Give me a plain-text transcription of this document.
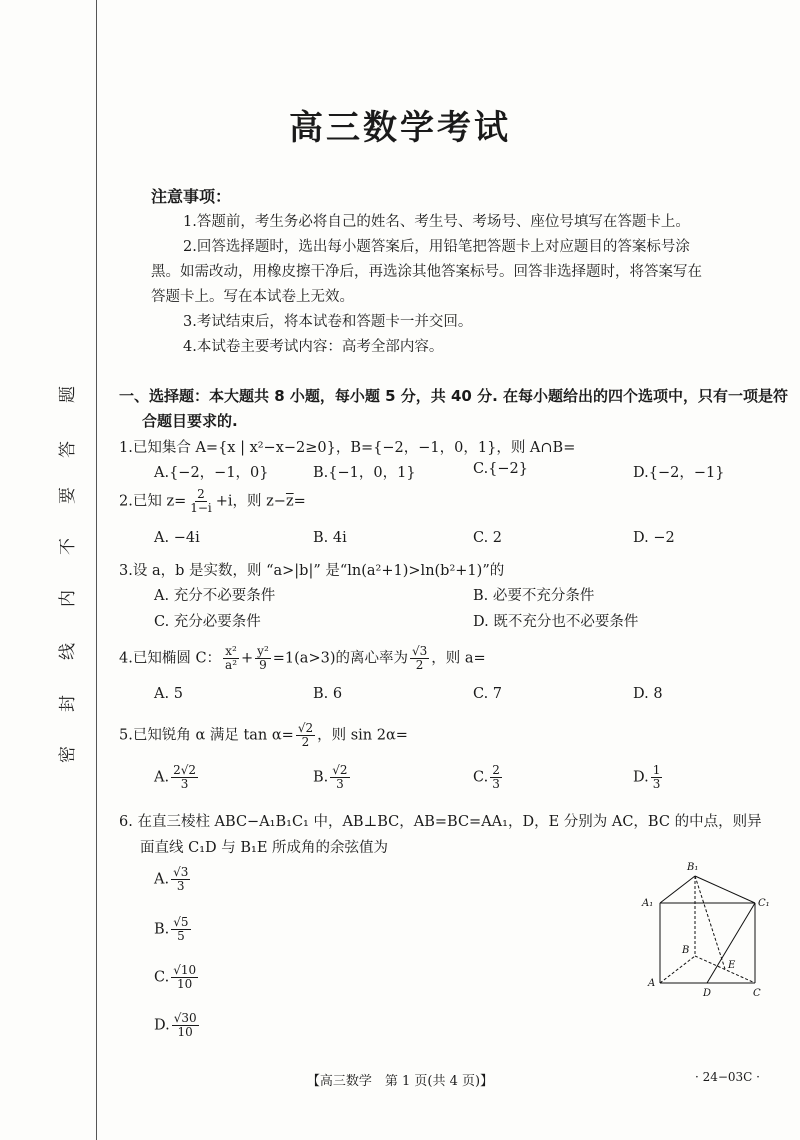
题
答
要
不
内
线
封
密
高三数学考试
注意事项：
1.答题前，考生务必将自己的姓名、考生号、考场号、座位号填写在答题卡上。
2.回答选择题时，选出每小题答案后，用铅笔把答题卡上对应题目的答案标号涂
黑。如需改动，用橡皮擦干净后，再选涂其他答案标号。回答非选择题时，将答案写在
答题卡上。写在本试卷上无效。
3.考试结束后，将本试卷和答题卡一并交回。
4.本试卷主要考试内容：高考全部内容。
一、选择题：本大题共 8 小题，每小题 5 分，共 40 分. 在每小题给出的四个选项中，只有一项是符
合题目要求的.
1.已知集合 A={x | x²−x−2≥0}，B={−2，−1，0，1}，则 A∩B=
A.{−2，−1，0}	B.{−1，0，1}	C.{−2}	D.{−2，−1}
2.已知 $z= \frac{2}{1-i} +i$，则 $z-\overline{z}=$
A. −4i	B. 4i	C. 2	D. −2
3.设 a，b 是实数，则 “a>|b|” 是“ln(a²+1)>ln(b²+1)”的
A. 充分不必要条件	B. 必要不充分条件
C. 充分必要条件	D. 既不充分也不必要条件
4.已知椭圆 C： $\frac{\text{x²}}{\text{a²}} + \frac{\text{y²}}{9} =1(a>3)$的离心率为 $\frac{√3}{2}$ ，则 a=
A. 5	B. 6	C. 7	D. 8
5.已知锐角 α 满足 $\tan \alpha= \frac{√2}{2}$ ，则 sin 2α=
A. $\frac{2√2}{3}$	B. $\frac{√2}{3}$	C. $\frac{2}{3}$	D. $\frac{1}{3}$
6. 在直三棱柱 ABC−A₁B₁C₁ 中，AB⊥BC，AB=BC=AA₁，D，E 分别为 AC，BC 的中点，则异
面直线 C₁D 与 B₁E 所成角的余弦值为
A. $\frac{√3}{3}$
B. $\frac{√5}{5}$
C. $\frac{√10}{10}$
D. $\frac{√30}{10}$
B₁
A₁	C₁
B
E
A
D	C
【高三数学　第 1 页(共 4 页)】	· 24−03C ·
